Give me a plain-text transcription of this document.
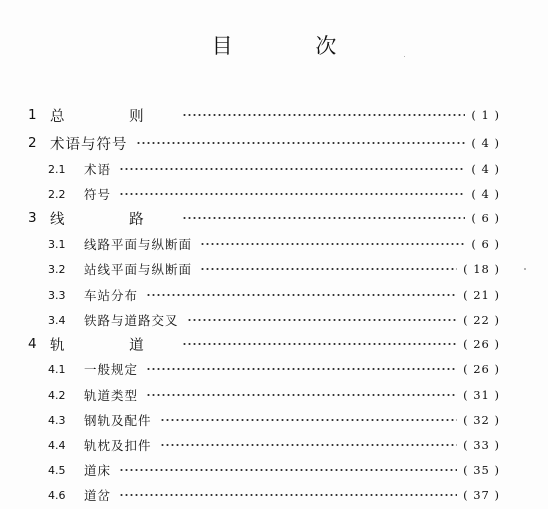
目 次
1 总 则	( 1 )
2 术语与符号	( 4 )
2.1	术语	( 4 )
2.2	符号	( 4 )
3 线 路	( 6 )
3.1	线路平面与纵断面	( 6 )
3.2	站线平面与纵断面	( 18 )
3.3	车站分布	( 21 )
3.4	铁路与道路交叉	( 22 )
4 轨 道	( 26 )
4.1	一般规定	( 26 )
4.2	轨道类型	( 31 )
4.3	钢轨及配件	( 32 )
4.4	轨枕及扣件	( 33 )
4.5	道床	( 35 )
4.6	道岔	( 37 )
